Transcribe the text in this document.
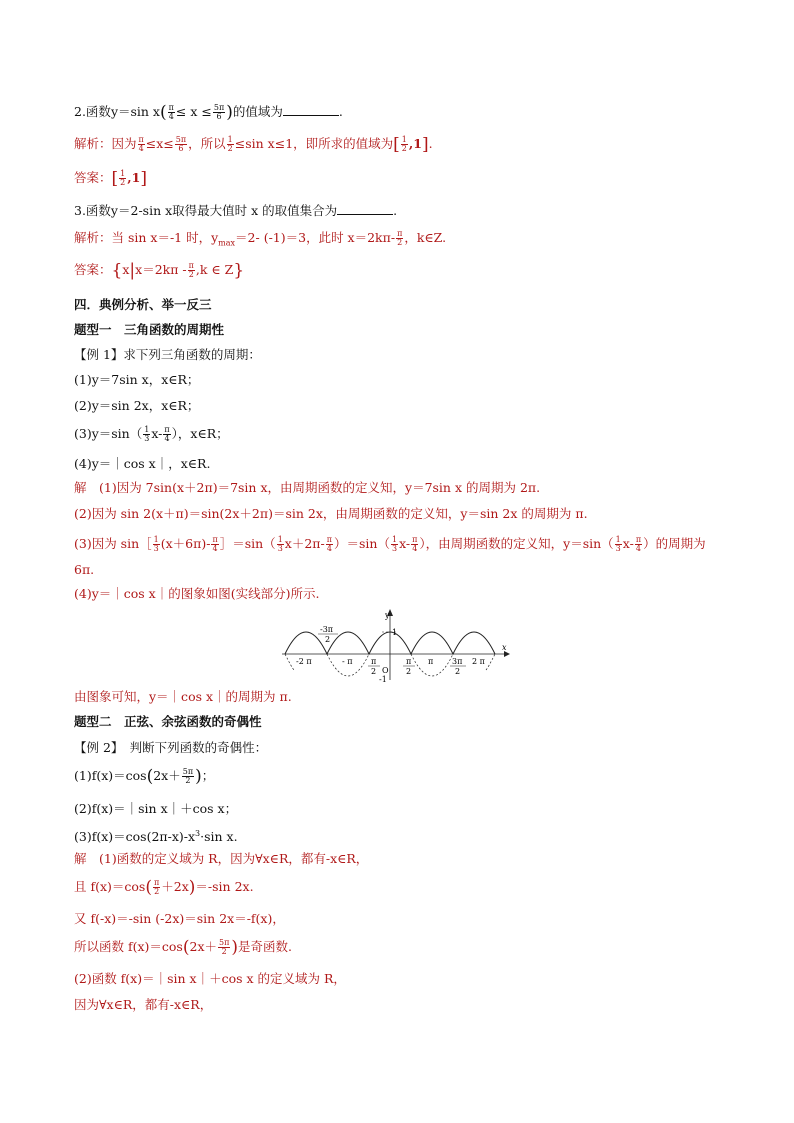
2.函数y＝sin $x( \frac{\pi}{4} \le x \le \frac{5\pi}{6}$ )的值域为	.
解析：因为 $\frac{\pi}{4} \le x\le \frac{5\pi}{6}$ ，所以 $\frac{1}{2} \le\sin$ x≤1，即所求的值域为[ $\frac{1}{2} ,1$].
答案：[ $\frac{1}{2} ,1$]
3.函数y＝2-sin x取得最大值时 x 的取值集合为	.
解析：当 sin x＝-1 时，$y_{max}=2-$ (-1)＝3，此时 $x=2k\pi- \frac{\pi}{2}$ ，k∈Z.
答案：{$x|x=2k\pi - \frac{\pi}{2} ,k$ ∈ Z}
四．典例分析、举一反三
题型一　三角函数的周期性
【例 1】求下列三角函数的周期：
(1)y＝7sin x，x∈R；
(2)y＝sin 2x，x∈R；
$(3)y=\sin( \frac{1}{3} x- \frac{\pi}{4}$ ），x∈R；
(4)y＝｜cos x｜，x∈R.
解　(1)因为 7sin(x＋2π)＝7sin x，由周期函数的定义知，y＝7sin x 的周期为 2π.
(2)因为 sin 2(x＋π)＝sin(2x＋2π)＝sin 2x，由周期函数的定义知，y＝sin 2x 的周期为 π.
(3)因为 sin［ $\frac{1}{3} (x+6\pi)- \frac{\pi}{4}$ ］＝sin（ $\frac{1}{3} x+2\pi- \frac{\pi}{4} )=\sin( \frac{1}{3} x- \frac{\pi}{4}$ ），由周期函数的定义知，$y=\sin( \frac{1}{3} x- \frac{\pi}{4}$ ）的周期为
6π.
(4)y＝｜cos x｜的图象如图(实线部分)所示.
y
x
1
O
-1
-2 π	- π	π	2 π
-3π
2
π
2
π
2
3π
2
由图象可知，y＝｜cos x｜的周期为 π.
题型二　正弦、余弦函数的奇偶性
【例 2】　判断下列函数的奇偶性：
$(1)f(x)=\cos(2x+ \frac{5\pi}{2}$ )；
(2)f(x)＝｜sin x｜＋cos x；
$(3)f(x)=\cos(2\pi-x)-x^3\cdot\sin$ x.
解　(1)函数的定义域为 R，因为∀x∈R，都有-x∈R，
且 $f(x)=\cos( \frac{\pi}{2} +2x)=-\sin$ 2x.
又 f(-x)＝-sin (-2x)＝sin 2x＝-f(x)，
所以函数 $f(x)=\cos(2x+ \frac{5\pi}{2}$ )是奇函数.
(2)函数 f(x)＝｜sin x｜＋cos x 的定义域为 R，
因为∀x∈R，都有-x∈R，
